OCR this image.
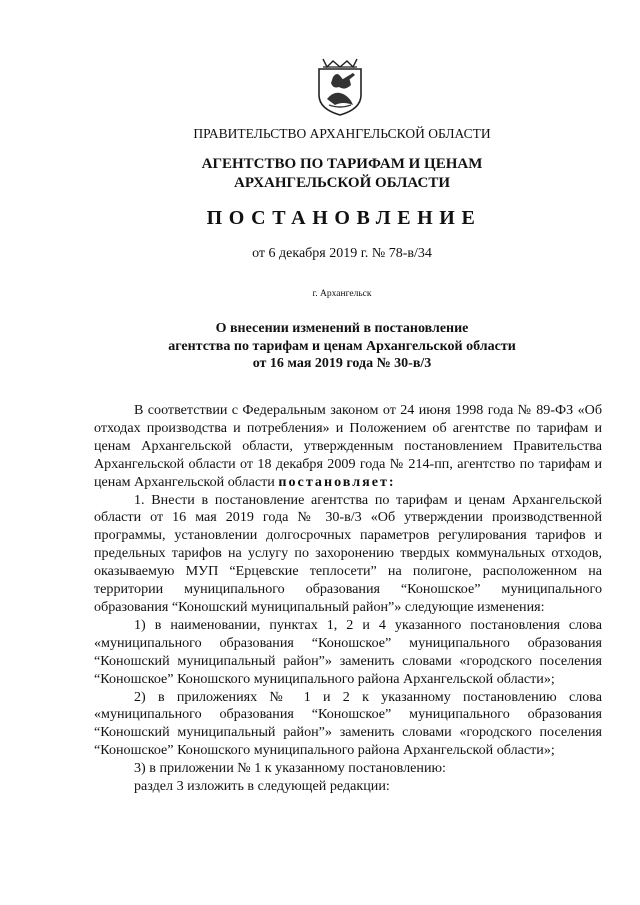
ПРАВИТЕЛЬСТВО АРХАНГЕЛЬСКОЙ ОБЛАСТИ
АГЕНТСТВО ПО ТАРИФАМ И ЦЕНАМ
АРХАНГЕЛЬСКОЙ ОБЛАСТИ
ПОСТАНОВЛЕНИЕ
от 6 декабря 2019 г. № 78-в/34
г. Архангельск
О внесении изменений в постановление
агентства по тарифам и ценам Архангельской области
от 16 мая 2019 года № 30-в/3

В соответствии с Федеральным законом от 24 июня 1998 года № 89-ФЗ «Об отходах производства и потребления» и Положением об агентстве по тарифам и ценам Архангельской области, утвержденным постановлением Правительства Архангельской области от 18 декабря 2009 года № 214-пп, агентство по тарифам и ценам Архангельской области постановляет:

1. Внести в постановление агентства по тарифам и ценам Архангельской области от 16 мая 2019 года № 30-в/3 «Об утверждении производственной программы, установлении долгосрочных параметров регулирования тарифов и предельных тарифов на услугу по захоронению твердых коммунальных отходов, оказываемую МУП “Ерцевские теплосети” на полигоне, расположенном на территории муниципального образования “Коношское” муниципального образования “Коношский муниципальный район”» следующие изменения:

1) в наименовании, пунктах 1, 2 и 4 указанного постановления слова «муниципального образования “Коношское” муниципального образования “Коношский муниципальный район”» заменить словами «городского поселения “Коношское” Коношского муниципального района Архангельской области»;

2) в приложениях № 1 и 2 к указанному постановлению слова «муниципального образования “Коношское” муниципального образования “Коношский муниципальный район”» заменить словами «городского поселения “Коношское” Коношского муниципального района Архангельской области»;

3) в приложении № 1 к указанному постановлению:

раздел 3 изложить в следующей редакции:
